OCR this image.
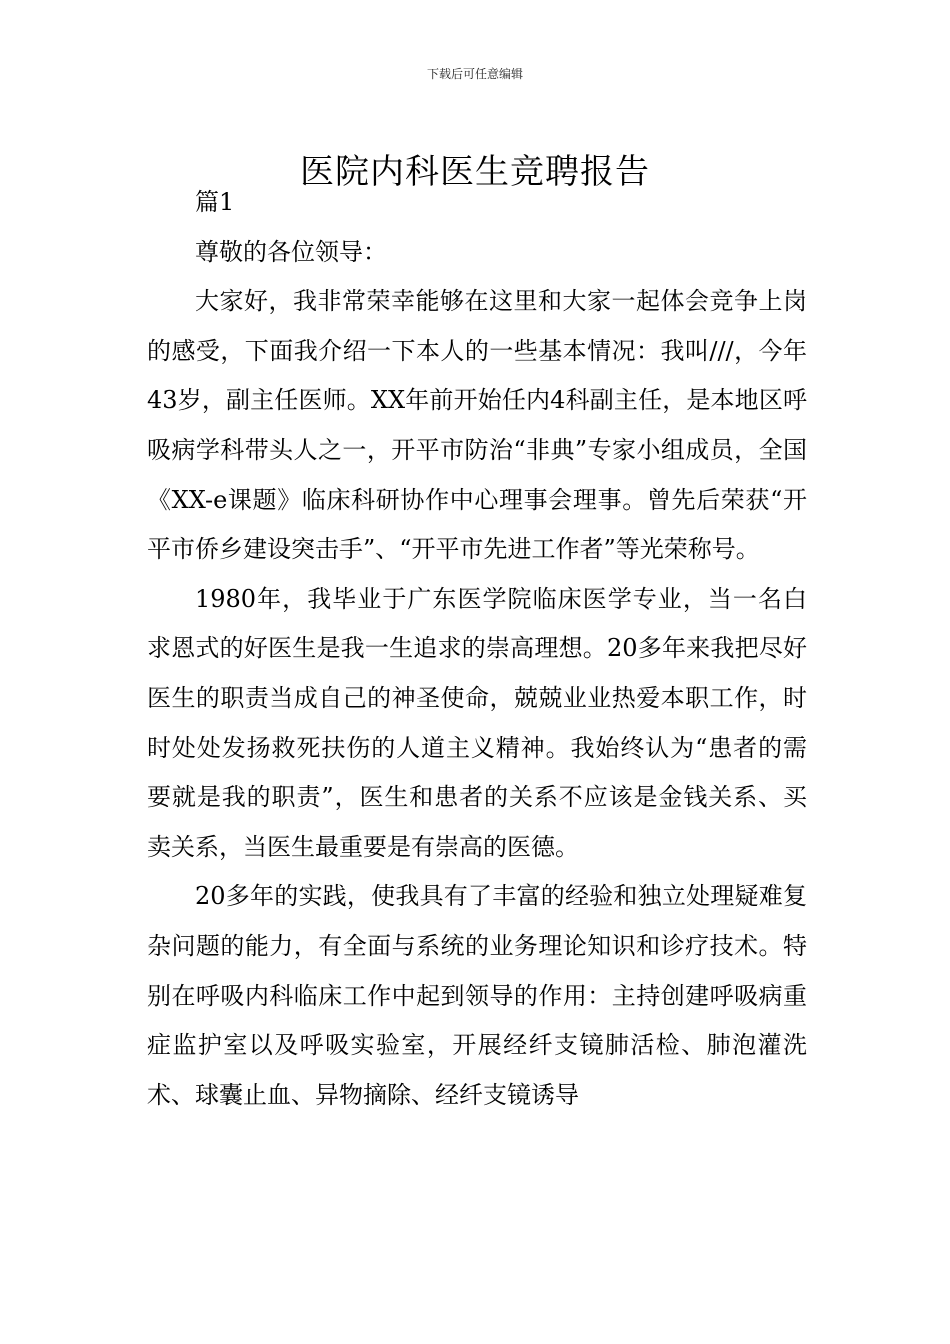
下载后可任意编辑
医院内科医生竞聘报告

篇1

尊敬的各位领导：

大家好，我非常荣幸能够在这里和大家一起体会竞争上岗的感受，下面我介绍一下本人的一些基本情况：我叫///，今年43岁，副主任医师。XX年前开始任内4科副主任，是本地区呼吸病学科带头人之一，开平市防治“非典”专家小组成员，全国《XX-e课题》临床科研协作中心理事会理事。曾先后荣获“开平市侨乡建设突击手”、“开平市先进工作者”等光荣称号。

1980年，我毕业于广东医学院临床医学专业，当一名白求恩式的好医生是我一生追求的崇高理想。20多年来我把尽好医生的职责当成自己的神圣使命，兢兢业业热爱本职工作，时时处处发扬救死扶伤的人道主义精神。我始终认为“患者的需要就是我的职责”，医生和患者的关系不应该是金钱关系、买卖关系，当医生最重要是有崇高的医德。

20多年的实践，使我具有了丰富的经验和独立处理疑难复杂问题的能力，有全面与系统的业务理论知识和诊疗技术。特别在呼吸内科临床工作中起到领导的作用：主持创建呼吸病重症监护室以及呼吸实验室，开展经纤支镜肺活检、肺泡灌洗术、球囊止血、异物摘除、经纤支镜诱导
